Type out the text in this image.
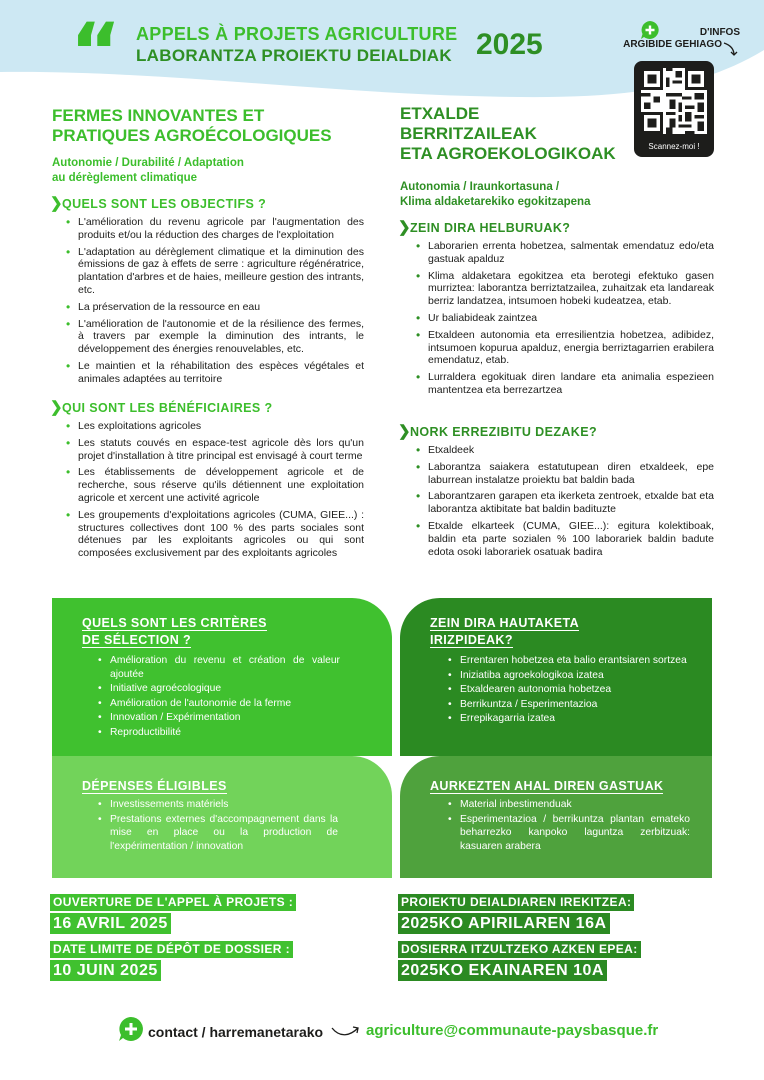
“ APPELS À PROJETS AGRICULTURE
LABORANTZA PROIEKTU DEIALDIAK 2025	D'INFOS
ARGIBIDE GEHIAGO
Scannez-moi !
FERMES INNOVANTES ET
PRATIQUES AGROÉCOLOGIQUES
Autonomie / Durabilité / Adaptation
au dérèglement climatique
ETXALDE
BERRITZAILEAK
ETA AGROEKOLOGIKOAK
Autonomia / Iraunkortasuna /
Klima aldaketarekiko egokitzapena
❯QUELS SONT LES OBJECTIFS ?
• L'amélioration du revenu agricole par l'augmentation des produits et/ou la réduction des charges de l'exploitation
• L'adaptation au dérèglement climatique et la diminution des émissions de gaz à effets de serre : agriculture régénératrice, plantation d'arbres et de haies, meilleure gestion des intrants, etc.
• La préservation de la ressource en eau
• L'amélioration de l'autonomie et de la résilience des fermes, à travers par exemple la diminution des intrants, le développement des énergies renouvelables, etc.
• Le maintien et la réhabilitation des espèces végétales et animales adaptées au territoire
❯QUI SONT LES BÉNÉFICIAIRES ?
• Les exploitations agricoles
• Les statuts couvés en espace-test agricole dès lors qu'un projet d'installation à titre principal est envisagé à court terme
• Les établissements de développement agricole et de recherche, sous réserve qu'ils détiennent une exploitation agricole et xercent une activité agricole
• Les groupements d'exploitations agricoles (CUMA, GIEE...) : structures collectives dont 100 % des parts sociales sont détenues par les exploitants agricoles ou qui sont composées exclusivement par des exploitants agricoles
❯ZEIN DIRA HELBURUAK?
• Laborarien errenta hobetzea, salmentak emendatuz edo/eta gastuak apalduz
• Klima aldaketara egokitzea eta berotegi efektuko gasen murriztea: laborantza berriztatzailea, zuhaitzak eta landareak berriz landatzea, intsumoen hobeki kudeatzea, etab.
• Ur baliabideak zaintzea
• Etxaldeen autonomia eta erresilientzia hobetzea, adibidez, intsumoen kopurua apalduz, energia berriztagarrien erabilera emendatuz, etab.
• Lurraldera egokituak diren landare eta animalia espezieen mantentzea eta berrezartzea
❯NORK ERREZIBITU DEZAKE?
• Etxaldeek
• Laborantza saiakera estatutupean diren etxaldeek, epe laburrean instalatze proiektu bat baldin bada
• Laborantzaren garapen eta ikerketa zentroek, etxalde bat eta laborantza aktibitate bat baldin badituzte
• Etxalde elkarteek (CUMA, GIEE...): egitura kolektiboak, baldin eta parte sozialen % 100 laborariek baldin badute edota osoki laborariek osatuak badira
QUELS SONT LES CRITÈRES
DE SÉLECTION ?
• Amélioration du revenu et création de valeur ajoutée
• Initiative agroécologique
• Amélioration de l'autonomie de la ferme
• Innovation / Expérimentation
• Reproductibilité
DÉPENSES ÉLIGIBLES
• Investissements matériels
• Prestations externes d'accompagnement dans la mise en place ou la production de l'expérimentation / innovation
ZEIN DIRA HAUTAKETA
IRIZPIDEAK?
• Errentaren hobetzea eta balio erantsiaren sortzea
• Iniziatiba agroekologikoa izatea
• Etxaldearen autonomia hobetzea
• Berrikuntza / Esperimentazioa
• Errepikagarria izatea
AURKEZTEN AHAL DIREN GASTUAK
• Material inbestimenduak
• Esperimentazioa / berrikuntza plantan emateko beharrezko kanpoko laguntza zerbitzuak: kasuaren arabera
OUVERTURE DE L'APPEL À PROJETS :
16 AVRIL 2025
DATE LIMITE DE DÉPÔT DE DOSSIER :
10 JUIN 2025
PROIEKTU DEIALDIAREN IREKITZEA:
2025KO APIRILAREN 16A
DOSIERRA ITZULTZEKO AZKEN EPEA:
2025KO EKAINAREN 10A
contact / harremanetarako	agriculture@communaute-paysbasque.fr
